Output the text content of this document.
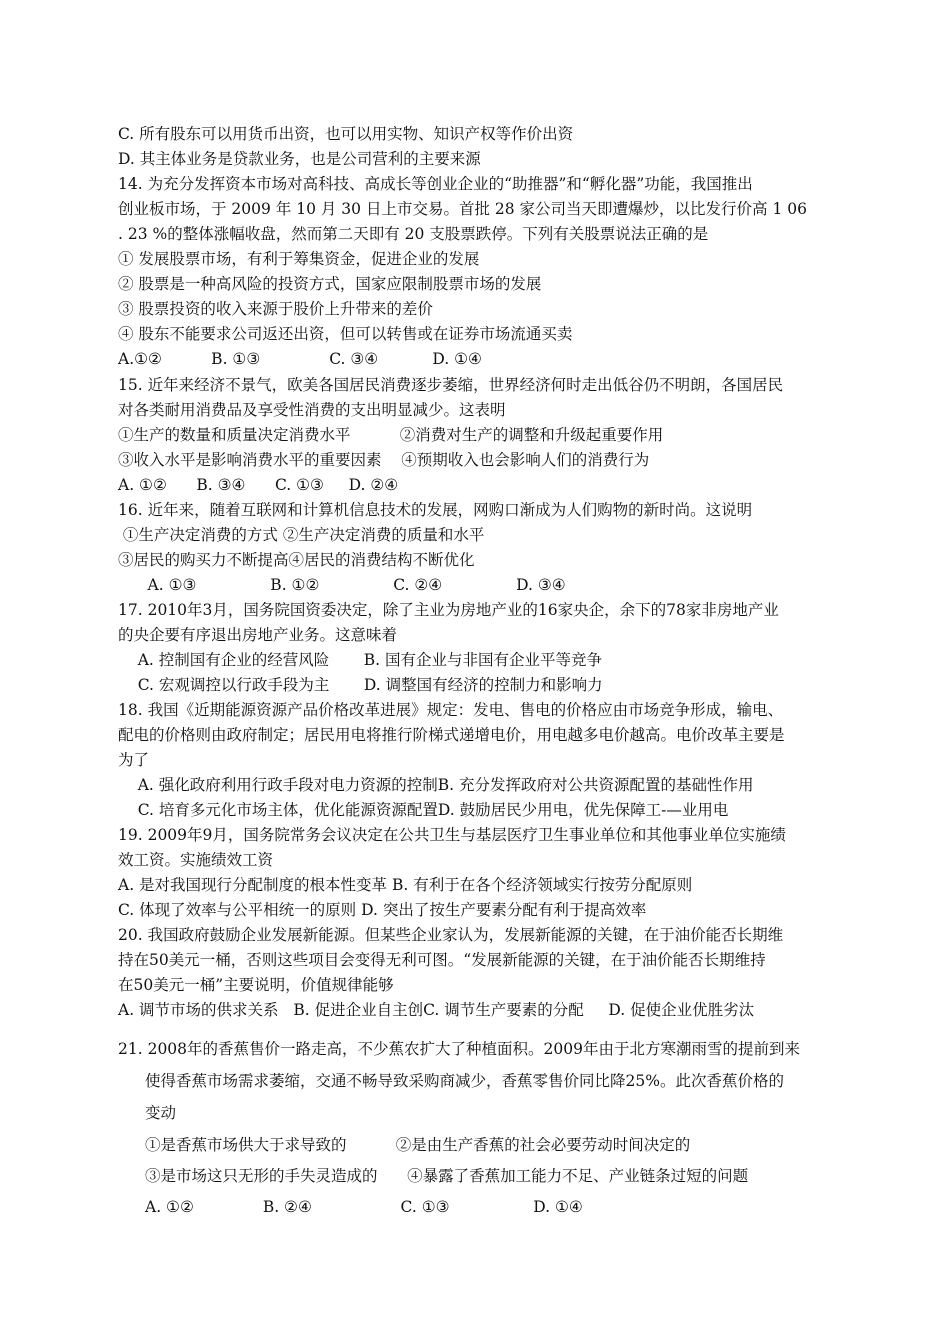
C. 所有股东可以用货币出资，也可以用实物、知识产权等作价出资
D. 其主体业务是贷款业务，也是公司营利的主要来源
14. 为充分发挥资本市场对高科技、高成长等创业企业的“助推器”和“孵化器”功能，我国推出
创业板市场，于 2009 年 10 月 30 日上市交易。首批 28 家公司当天即遭爆炒，以比发行价高 1 06
. 23 %的整体涨幅收盘，然而第二天即有 20 支股票跌停。下列有关股票说法正确的是
① 发展股票市场，有利于筹集资金，促进企业的发展
② 股票是一种高风险的投资方式，国家应限制股票市场的发展
③ 股票投资的收入来源于股价上升带来的差价
④ 股东不能要求公司返还出资，但可以转售或在证券市场流通买卖
A.①②          B. ①③              C. ③④           D. ①④
15. 近年来经济不景气，欧美各国居民消费逐步萎缩，世界经济何时走出低谷仍不明朗，各国居民
对各类耐用消费品及享受性消费的支出明显减少。这表明
①生产的数量和质量决定消费水平          ②消费对生产的调整和升级起重要作用
③收入水平是影响消费水平的重要因素    ④预期收入也会影响人们的消费行为
A. ①②      B. ③④      C. ①③     D. ②④
16. 近年来，随着互联网和计算机信息技术的发展，网购口渐成为人们购物的新时尚。这说明
①生产决定消费的方式 ②生产决定消费的质量和水平
③居民的购买力不断提高④居民的消费结构不断优化
A. ①③               B. ①②               C. ②④               D. ③④
17. 2010年3月，国务院国资委决定，除了主业为房地产业的16家央企，余下的78家非房地产业
的央企要有序退出房地产业务。这意味着
A. 控制国有企业的经营风险       B. 国有企业与非国有企业平等竞争
C. 宏观调控以行政手段为主       D. 调整国有经济的控制力和影响力
18. 我国《近期能源资源产品价格改革进展》规定：发电、售电的价格应由市场竞争形成，输电、
配电的价格则由政府制定；居民用电将推行阶梯式递增电价，用电越多电价越高。电价改革主要是
为了
A. 强化政府利用行政手段对电力资源的控制B. 充分发挥政府对公共资源配置的基础性作用
C. 培育多元化市场主体，优化能源资源配置D. 鼓励居民少用电，优先保障工-—业用电
19. 2009年9月，国务院常务会议决定在公共卫生与基层医疗卫生事业单位和其他事业单位实施绩
效工资。实施绩效工资
A. 是对我国现行分配制度的根本性变革 B. 有利于在各个经济领域实行按劳分配原则
C. 体现了效率与公平相统一的原则 D. 突出了按生产要素分配有利于提高效率
20. 我国政府鼓励企业发展新能源。但某些企业家认为，发展新能源的关键，在于油价能否长期维
持在50美元一桶，否则这些项目会变得无利可图。“发展新能源的关键，在于油价能否长期维持
在50美元一桶”主要说明，价值规律能够
A. 调节市场的供求关系   B. 促进企业自主创C. 调节生产要素的分配     D. 促使企业优胜劣汰
21. 2008年的香蕉售价一路走高，不少蕉农扩大了种植面积。2009年由于北方寒潮雨雪的提前到来
使得香蕉市场需求萎缩，交通不畅导致采购商减少，香蕉零售价同比降25%。此次香蕉价格的
变动
①是香蕉市场供大于求导致的          ②是由生产香蕉的社会必要劳动时间决定的
③是市场这只无形的手失灵造成的      ④暴露了香蕉加工能力不足、产业链条过短的问题
A. ①②              B. ②④                  C. ①③                 D. ①④
